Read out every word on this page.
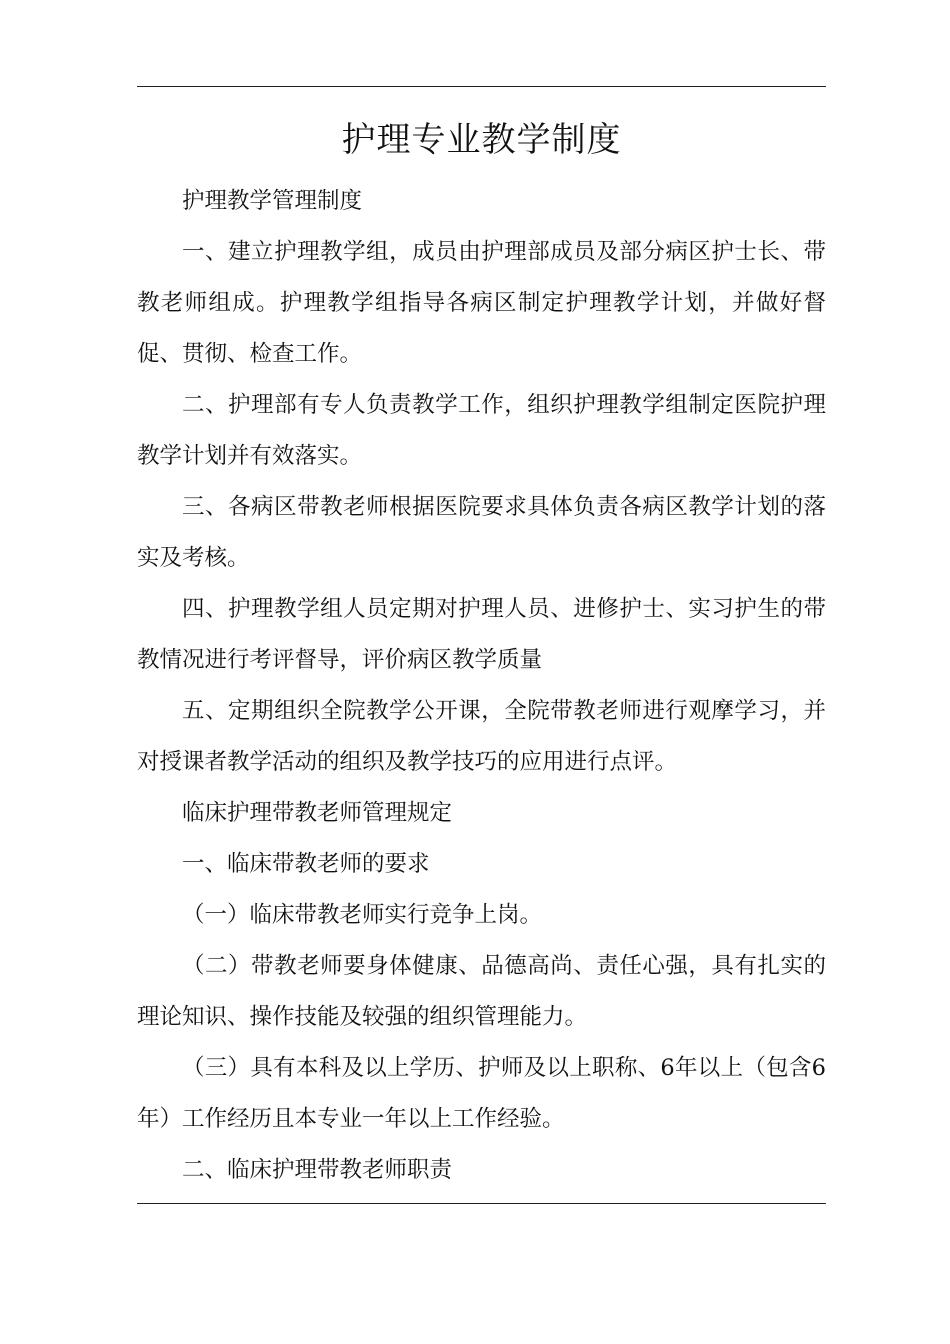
护理专业教学制度

护理教学管理制度

一、建立护理教学组，成员由护理部成员及部分病区护士长、带教老师组成。护理教学组指导各病区制定护理教学计划，并做好督促、贯彻、检查工作。

二、护理部有专人负责教学工作，组织护理教学组制定医院护理教学计划并有效落实。

三、各病区带教老师根据医院要求具体负责各病区教学计划的落实及考核。

四、护理教学组人员定期对护理人员、进修护士、实习护生的带教情况进行考评督导，评价病区教学质量

五、定期组织全院教学公开课，全院带教老师进行观摩学习，并对授课者教学活动的组织及教学技巧的应用进行点评。

临床护理带教老师管理规定

一、临床带教老师的要求

（一）临床带教老师实行竞争上岗。

（二）带教老师要身体健康、品德高尚、责任心强，具有扎实的理论知识、操作技能及较强的组织管理能力。

（三）具有本科及以上学历、护师及以上职称、6年以上（包含6年）工作经历且本专业一年以上工作经验。

二、临床护理带教老师职责
